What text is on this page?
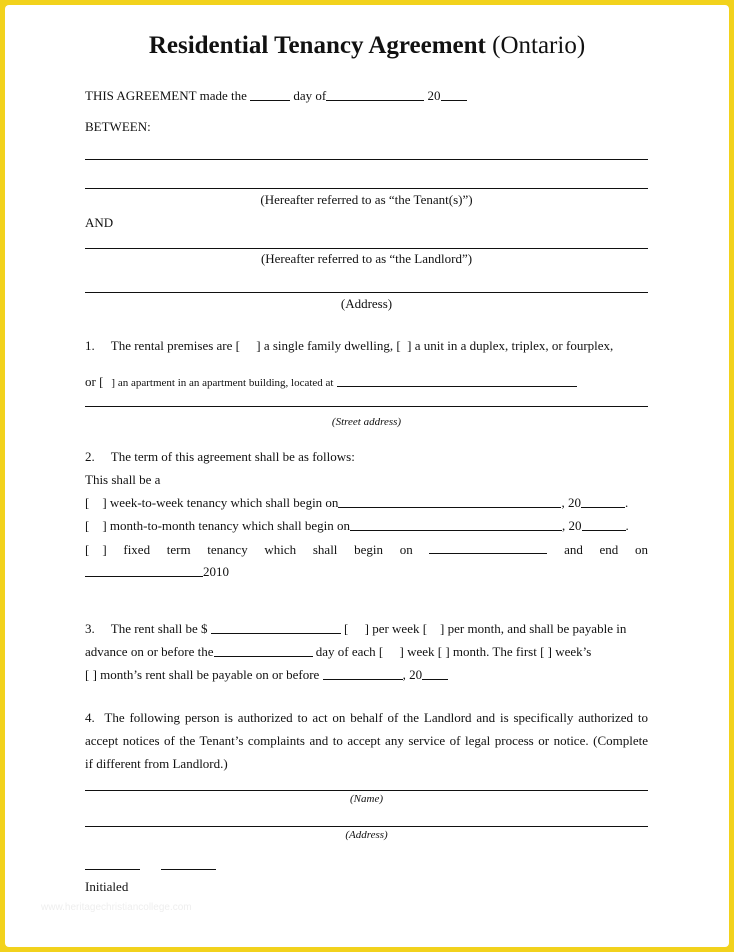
Residential Tenancy Agreement (Ontario)
THIS AGREEMENT made the	day of	20
BETWEEN:
(Hereafter referred to as “the Tenant(s)”)
AND
(Hereafter referred to as “the Landlord”)
(Address)
1. The rental premises are [ ] a single family dwelling, [ ] a unit in a duplex, triplex, or fourplex,
or [ ] an apartment in an apartment building, located at
(Street address)
2. The term of this agreement shall be as follows:
This shall be a
[    ] week-to-week tenancy which shall begin on	, 20	.
[    ] month-to-month tenancy which shall begin on	, 20	.
[    ] fixed term tenancy which shall begin on	and end on
2010
3. The rent shall be $	[     ] per week [ ] per month, and shall be payable in
advance on or before the	day of each [ ] week [ ] month. The first [ ] week’s
[ ] month’s rent shall be payable on or before	, 20
4. The following person is authorized to act on behalf of the Landlord and is specifically authorized to
accept notices of the Tenant’s complaints and to accept any service of legal process or notice. (Complete
if different from Landlord.)
(Name)
(Address)
Initialed
www.heritagechristiancollege.com
